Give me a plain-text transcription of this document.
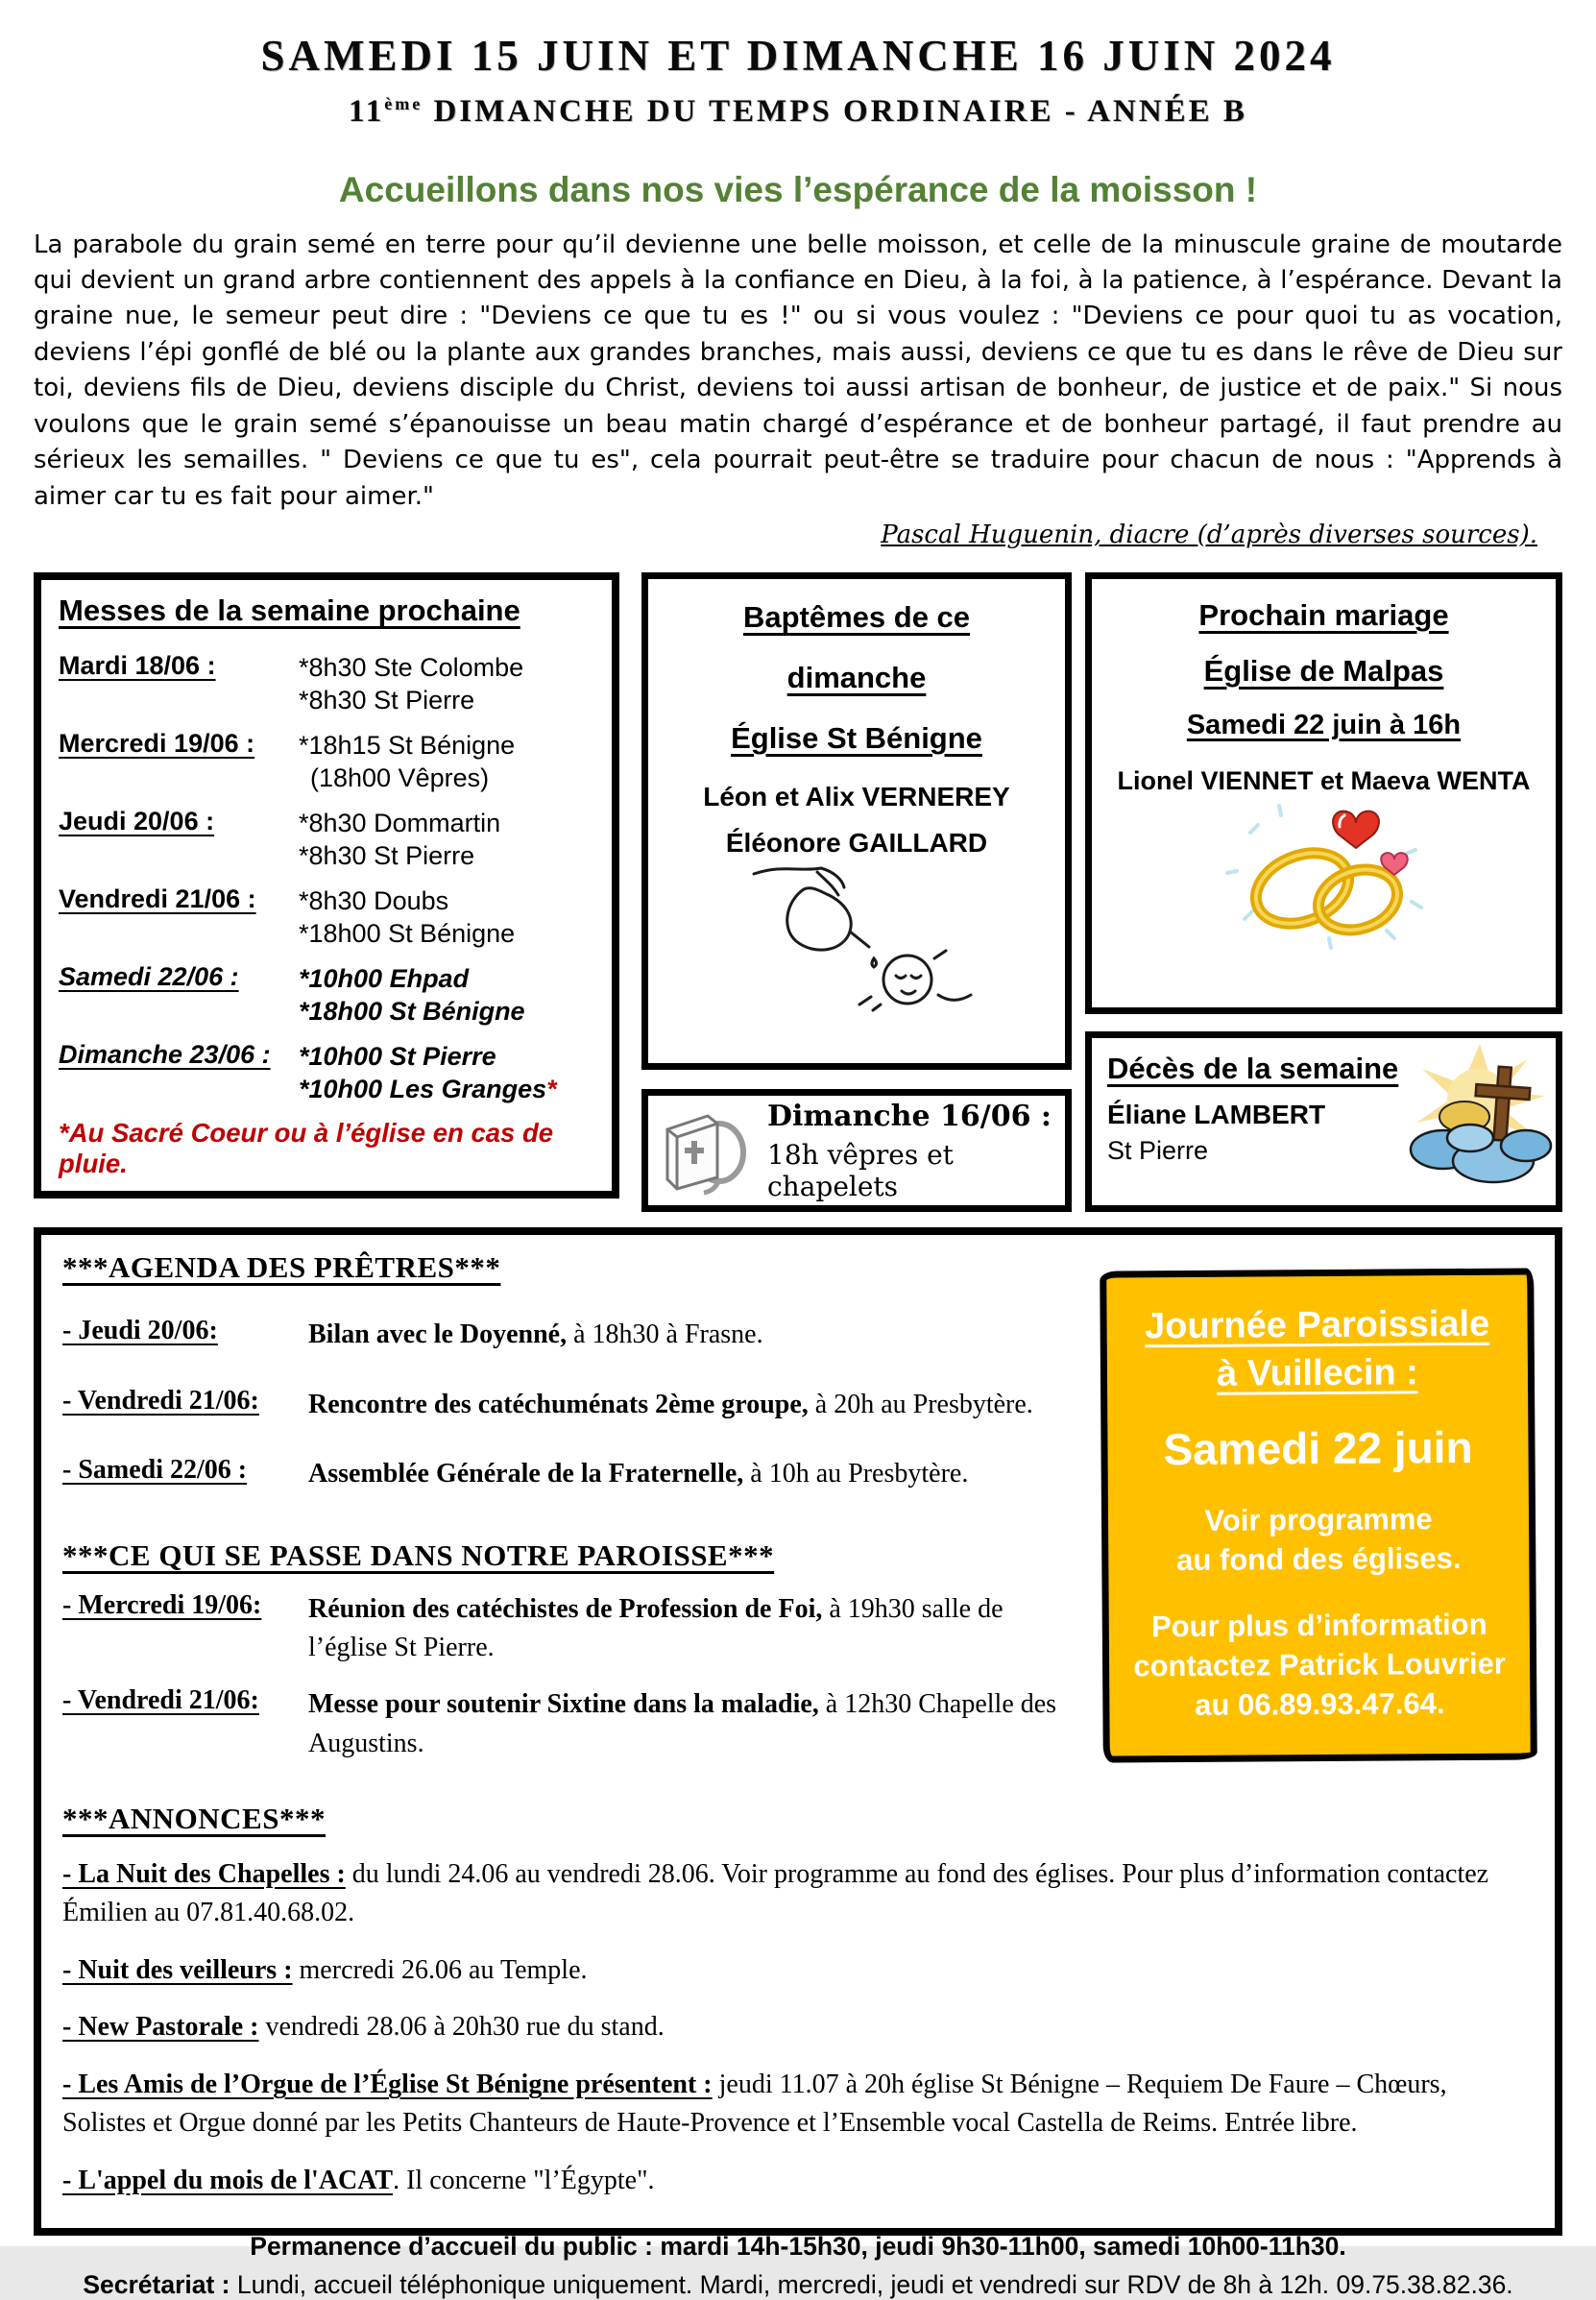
SAMEDI 15 JUIN ET DIMANCHE 16 JUIN 2024
11ème DIMANCHE DU TEMPS ORDINAIRE - ANNÉE B
Accueillons dans nos vies l’espérance de la moisson !
La parabole du grain semé en terre pour qu’il devienne une belle moisson, et celle de la minuscule graine de moutarde qui devient un grand arbre contiennent des appels à la confiance en Dieu, à la foi, à la patience, à l’espérance. Devant la graine nue, le semeur peut dire : "Deviens ce que tu es !" ou si vous voulez : "Deviens ce pour quoi tu as vocation, deviens l’épi gonflé de blé ou la plante aux grandes branches, mais aussi, deviens ce que tu es dans le rêve de Dieu sur toi, deviens fils de Dieu, deviens disciple du Christ, deviens toi aussi artisan de bonheur, de justice et de paix." Si nous voulons que le grain semé s’épanouisse un beau matin chargé d’espérance et de bonheur partagé, il faut prendre au sérieux les semailles. " Deviens ce que tu es", cela pourrait peut-être se traduire pour chacun de nous : "Apprends à aimer car tu es fait pour aimer."
Pascal Huguenin, diacre (d’après diverses sources).
Messes de la semaine prochaine
Mardi 18/06 :	*8h30 Ste Colombe
*8h30 St Pierre
Mercredi 19/06 :	*18h15 St Bénigne
(18h00 Vêpres)
Jeudi 20/06 :	*8h30 Dommartin
*8h30 St Pierre
Vendredi 21/06 :	*8h30 Doubs
*18h00 St Bénigne
Samedi 22/06 :	*10h00 Ehpad
*18h00 St Bénigne
Dimanche 23/06 :	*10h00 St Pierre
*10h00 Les Granges*
*Au Sacré Coeur ou à l’église en cas de pluie.
Baptêmes de ce
dimanche
Église St Bénigne
Léon et Alix VERNEREY
Éléonore GAILLARD
Dimanche 16/06 :
18h vêpres et chapelets
Prochain mariage
Église de Malpas
Samedi 22 juin à 16h
Lionel VIENNET et Maeva WENTA
Décès de la semaine
Éliane LAMBERT
St Pierre
Journée Paroissiale
à Vuillecin :
Samedi 22 juin
Voir programme
au fond des églises.
Pour plus d’information
contactez Patrick Louvrier
au 06.89.93.47.64.
***AGENDA DES PRÊTRES***
- Jeudi 20/06:	Bilan avec le Doyenné, à 18h30 à Frasne.
- Vendredi 21/06:	Rencontre des catéchuménats 2ème groupe, à 20h au Presbytère.
- Samedi 22/06 :	Assemblée Générale de la Fraternelle, à 10h au Presbytère.
***CE QUI SE PASSE DANS NOTRE PAROISSE***
- Mercredi 19/06:	Réunion des catéchistes de Profession de Foi, à 19h30 salle de l’église St Pierre.
- Vendredi 21/06:	Messe pour soutenir Sixtine dans la maladie, à 12h30 Chapelle des Augustins.
***ANNONCES***
- La Nuit des Chapelles : du lundi 24.06 au vendredi 28.06. Voir programme au fond des églises. Pour plus d’information contactez Émilien au 07.81.40.68.02.
- Nuit des veilleurs : mercredi 26.06 au Temple.
- New Pastorale : vendredi 28.06 à 20h30 rue du stand.
- Les Amis de l’Orgue de l’Église St Bénigne présentent : jeudi 11.07 à 20h église St Bénigne – Requiem De Faure – Chœurs, Solistes et Orgue donné par les Petits Chanteurs de Haute-Provence et l’Ensemble vocal Castella de Reims. Entrée libre.
- L'appel du mois de l'ACAT. Il concerne "l’Égypte".
Permanence d’accueil du public : mardi 14h-15h30, jeudi 9h30-11h00, samedi 10h00-11h30.
Secrétariat : Lundi, accueil téléphonique uniquement. Mardi, mercredi, jeudi et vendredi sur RDV de 8h à 12h. 09.75.38.82.36.
